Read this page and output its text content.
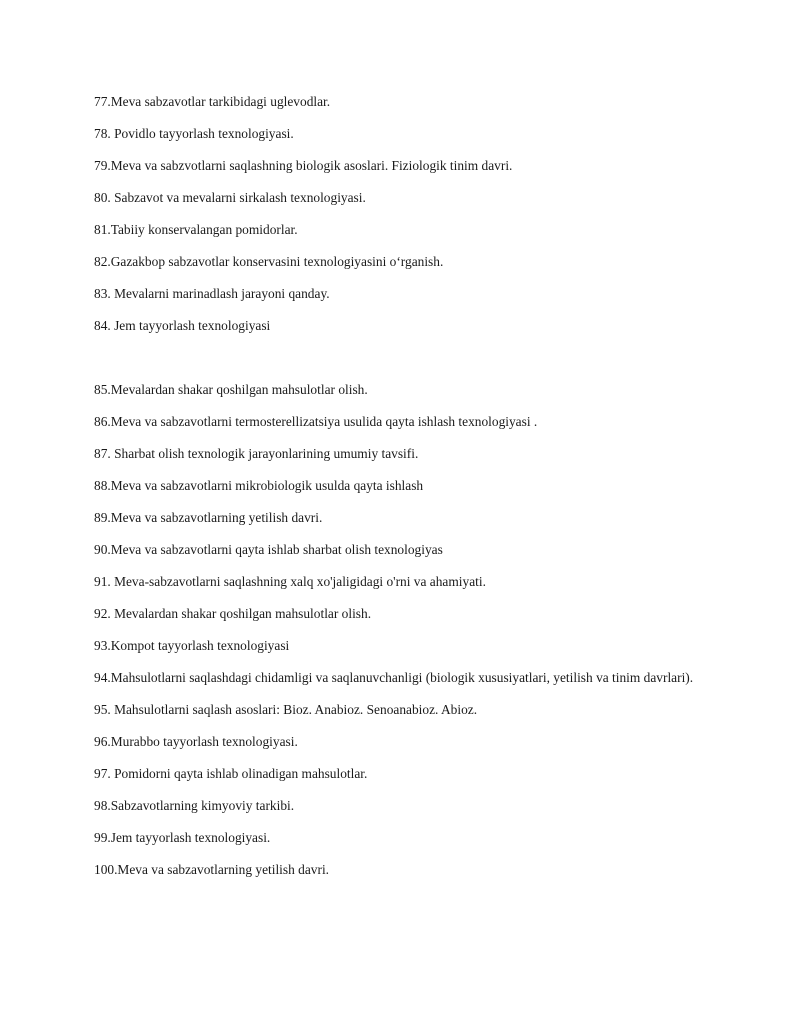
77.Meva sabzavotlar tarkibidagi uglevodlar.
78. Povidlo tayyorlash texnologiyasi.
79.Meva va sabzvotlarni saqlashning biologik asoslari. Fiziologik tinim davri.
80. Sabzavot va mevalarni sirkalash texnologiyasi.
81.Tabiiy konservalangan pomidorlar.
82.Gazakbop sabzavotlar konservasini texnologiyasini o‘rganish.
83. Mevalarni marinadlash jarayoni qanday.
84. Jem tayyorlash texnologiyasi
85.Mevalardan shakar qoshilgan mahsulotlar olish.
86.Meva va sabzavotlarni termosterellizatsiya usulida qayta ishlash texnologiyasi .
87. Sharbat olish texnologik jarayonlarining umumiy tavsifi.
88.Meva va sabzavotlarni mikrobiologik usulda qayta ishlash
89.Meva va sabzavotlarning yetilish davri.
90.Meva va sabzavotlarni qayta ishlab sharbat olish texnologiyas
91. Meva-sabzavotlarni saqlashning xalq xo'jaligidagi o'rni va ahamiyati.
92. Mevalardan shakar qoshilgan mahsulotlar olish.
93.Kompot tayyorlash texnologiyasi
94.Mahsulotlarni saqlashdagi chidamligi va saqlanuvchanligi (biologik xususiyatlari, yetilish va tinim davrlari).
95. Mahsulotlarni saqlash asoslari: Bioz. Anabioz. Senoanabioz. Abioz.
96.Murabbo tayyorlash texnologiyasi.
97. Pomidorni qayta ishlab olinadigan mahsulotlar.
98.Sabzavotlarning kimyoviy tarkibi.
99.Jem tayyorlash texnologiyasi.
100.Meva va sabzavotlarning yetilish davri.
